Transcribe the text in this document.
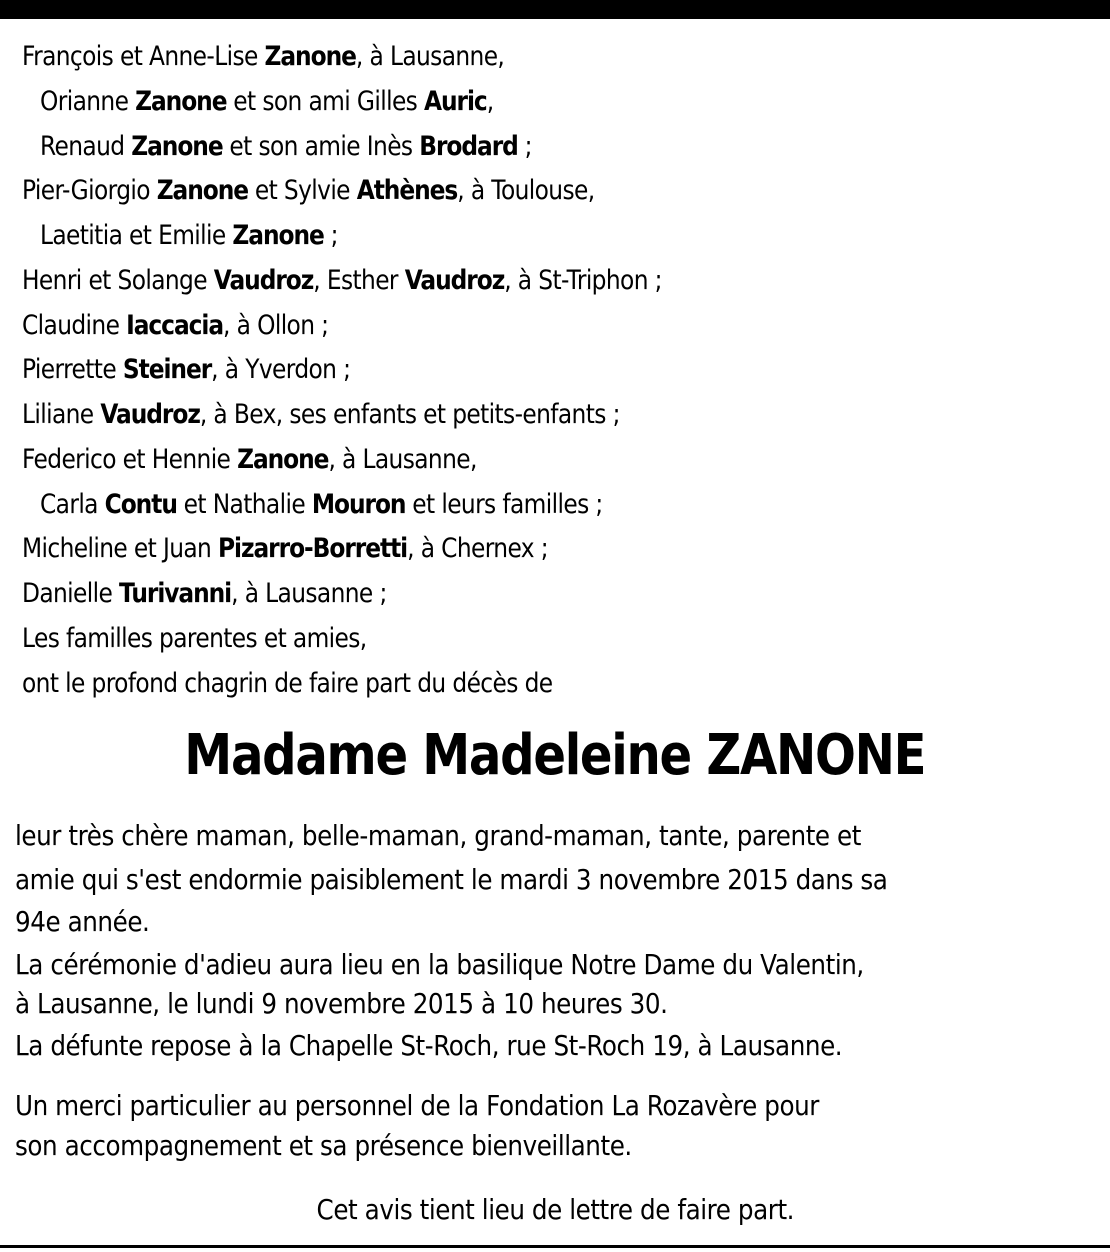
François et Anne-Lise Zanone, à Lausanne,
Orianne Zanone et son ami Gilles Auric,
Renaud Zanone et son amie Inès Brodard ;
Pier-Giorgio Zanone et Sylvie Athènes, à Toulouse,
Laetitia et Emilie Zanone ;
Henri et Solange Vaudroz, Esther Vaudroz, à St-Triphon ;
Claudine Iaccacia, à Ollon ;
Pierrette Steiner, à Yverdon ;
Liliane Vaudroz, à Bex, ses enfants et petits-enfants ;
Federico et Hennie Zanone, à Lausanne,
Carla Contu et Nathalie Mouron et leurs familles ;
Micheline et Juan Pizarro-Borretti, à Chernex ;
Danielle Turivanni, à Lausanne ;
Les familles parentes et amies,
ont le profond chagrin de faire part du décès de
Madame Madeleine ZANONE
leur très chère maman, belle-maman, grand-maman, tante, parente et
amie qui s'est endormie paisiblement le mardi 3 novembre 2015 dans sa
94e année.
La cérémonie d'adieu aura lieu en la basilique Notre Dame du Valentin,
à Lausanne, le lundi 9 novembre 2015 à 10 heures 30.
La défunte repose à la Chapelle St-Roch, rue St-Roch 19, à Lausanne.
Un merci particulier au personnel de la Fondation La Rozavère pour
son accompagnement et sa présence bienveillante.
Cet avis tient lieu de lettre de faire part.
